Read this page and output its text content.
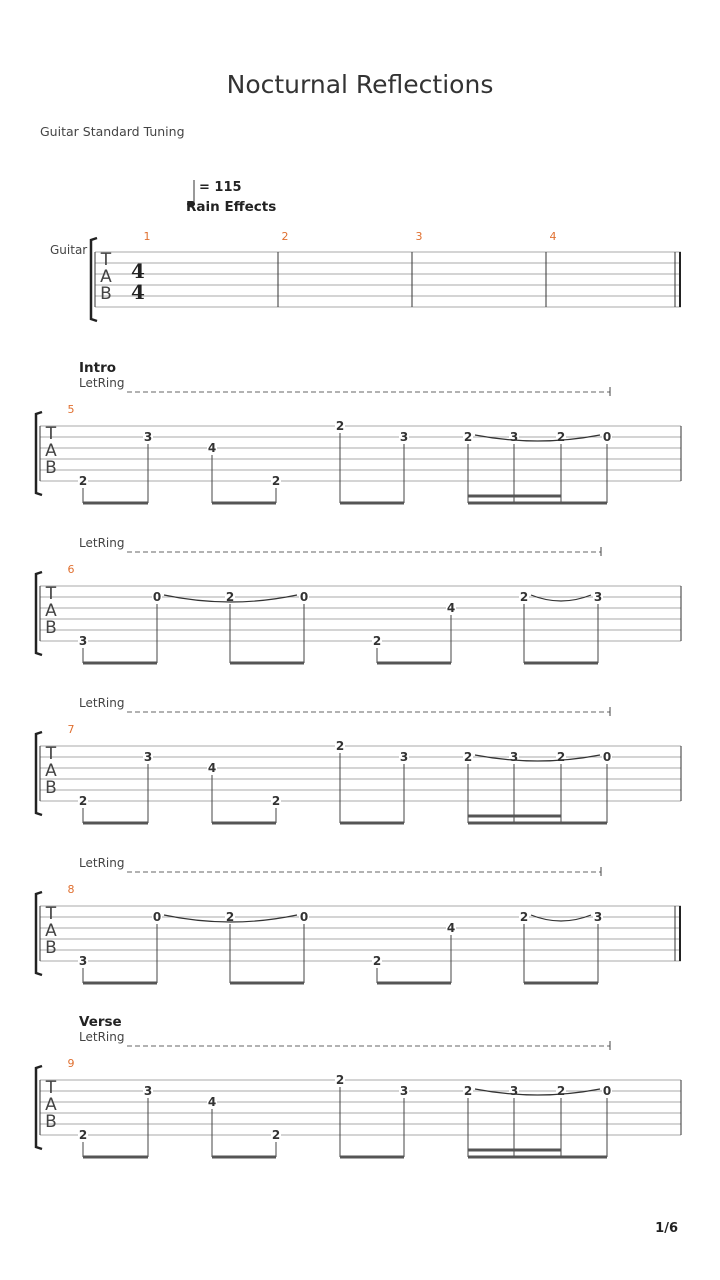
Nocturnal Reflections
Guitar Standard Tuning
= 115
Rain Effects
Guitar
Intro
Verse
LetRing
LetRing
LetRing
LetRing
LetRing
1/6
T
A
B
1	2	3	4
4
4
T
A
B
5
2
3
4
2
2
3	2	3	2	0
T
A
B
6
3
0	2	0
2
4
2	3
T
A
B
7
2
3
4
2
2
3	2	3	2	0
T
A
B
8
3
0	2	0
2
4
2	3
T
A
B
9
2
3
4
2
2
3	2	3	2	0
